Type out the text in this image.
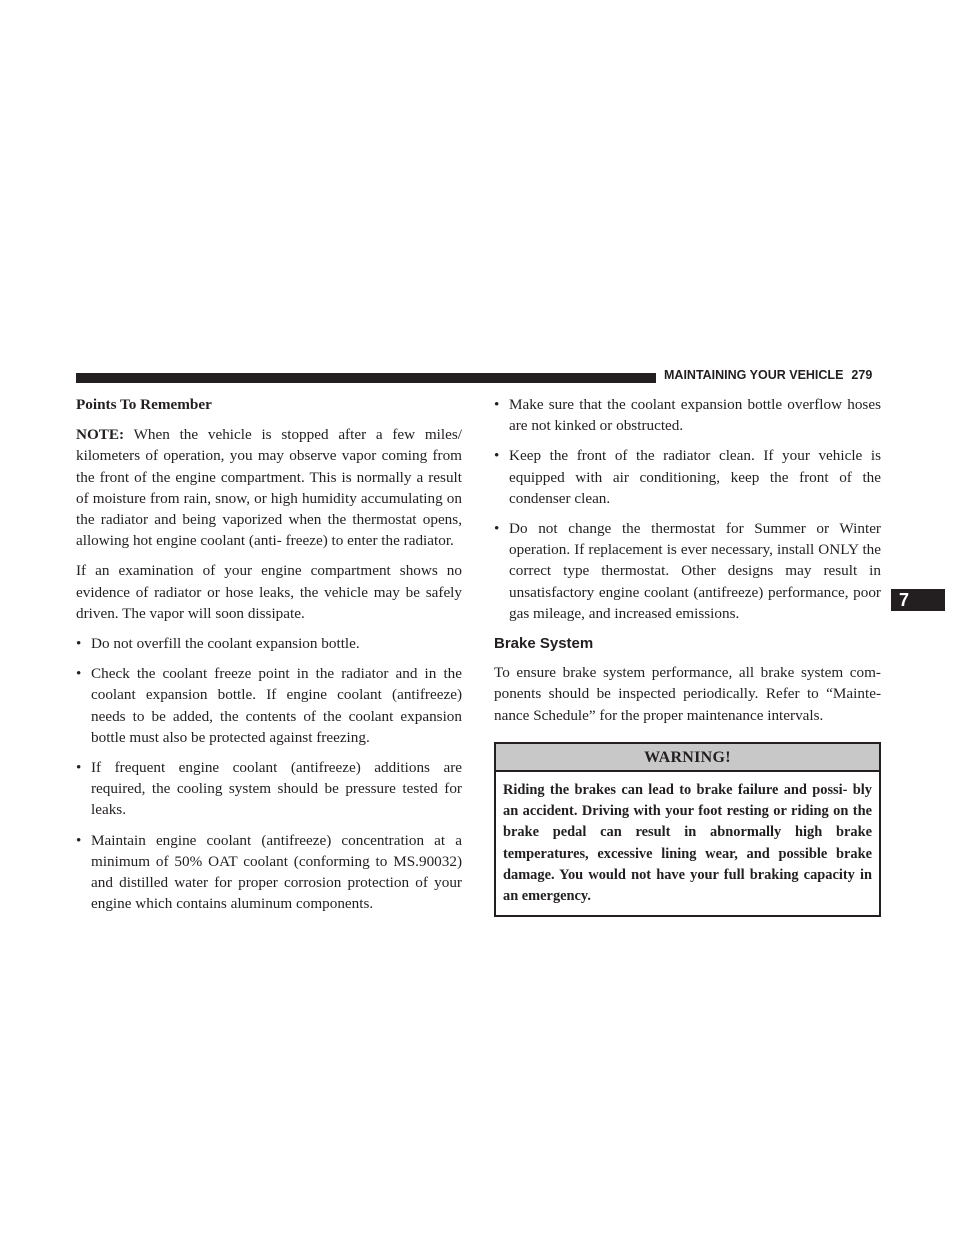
MAINTAINING YOUR VEHICLE 279

Points To Remember

NOTE: When the vehicle is stopped after a few miles/ kilometers of operation, you may observe vapor coming from the front of the engine compartment. This is normally a result of moisture from rain, snow, or high humidity accumulating on the radiator and being vaporized when the thermostat opens, allowing hot engine coolant (anti- freeze) to enter the radiator.

If an examination of your engine compartment shows no evidence of radiator or hose leaks, the vehicle may be safely driven. The vapor will soon dissipate.

• Do not overfill the coolant expansion bottle.
• Check the coolant freeze point in the radiator and in the coolant expansion bottle. If engine coolant (antifreeze) needs to be added, the contents of the coolant expansion bottle must also be protected against freezing.
• If frequent engine coolant (antifreeze) additions are required, the cooling system should be pressure tested for leaks.
• Maintain engine coolant (antifreeze) concentration at a minimum of 50% OAT coolant (conforming to MS.90032) and distilled water for proper corrosion protection of your engine which contains aluminum components.
• Make sure that the coolant expansion bottle overflow hoses are not kinked or obstructed.
• Keep the front of the radiator clean. If your vehicle is equipped with air conditioning, keep the front of the condenser clean.
• Do not change the thermostat for Summer or Winter operation. If replacement is ever necessary, install ONLY the correct type thermostat. Other designs may result in unsatisfactory engine coolant (antifreeze) performance, poor gas mileage, and increased emissions.
Brake System

To ensure brake system performance, all brake system com- ponents should be inspected periodically. Refer to “Mainte- nance Schedule” for the proper maintenance intervals.

WARNING!
Riding the brakes can lead to brake failure and possi- bly an accident. Driving with your foot resting or riding on the brake pedal can result in abnormally high brake temperatures, excessive lining wear, and possible brake damage. You would not have your full braking capacity in an emergency.
7
